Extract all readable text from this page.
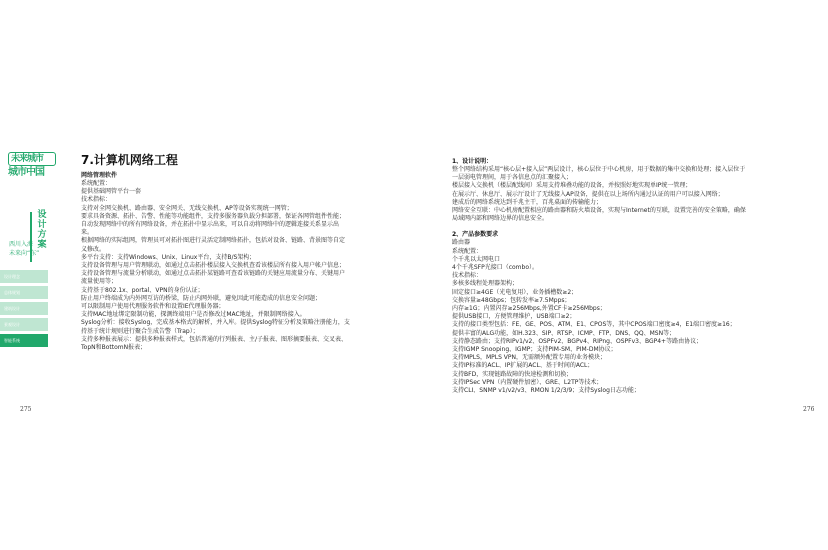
未来城市
城市中国
设计方案
西川入海
未来向“东”
设计理念
总体规划
建筑设计
景观设计
智能系统
7.计算机网络工程
网络管理软件
系统配置：
提供基础网管平台一套
技术指标：
支持对全网交换机、路由器、安全网关、无线交换机、AP等设备实现统一网管；
要求具备资源、拓扑、告警、性能等功能组件，支持多服务器负载分担部署，保证各网管组件性能；
自动发现网络中的所有网络设备，并在拓扑中显示出来，可以自动将网络中的逻辑连接关系显示出
来。
根据网络的实际组网，管理员可对拓扑图进行灵活定制网络拓扑，包括对设备、链路、背景图等自定
义修改。
多平台支持：支持Windows、Unix、Linux平台，支持B/S架构；
支持设备管理与用户管理联动，如通过点击拓扑楼层接入交换机查看该楼层所有接入用户帐户信息；
支持设备管理与流量分析联动，如通过点击拓扑某链路可查看该链路的关键应用流量分布、关键用户
流量使用等；
支持基于802.1x、portal、VPN的身份认证；
防止用户终端成为内外网互访的桥梁，防止内网外联，避免因此可能造成的信息安全问题；
可以限制用户使用代理服务软件和设置IE代理服务器；
支持MAC地址绑定限制功能，探测终端用户是否修改过MAC地址，并限制网络接入。
Syslog分析：接收Syslog，完成基本格式的解析，并入库。提供Syslog特征分析及策略注册能力，支
持基于统计规则进行聚合生成告警（Trap）；
支持多种报表展示：提供多种报表样式，包括普通的行列报表、主/子报表、图形摘要报表、交叉表、
TopN和BottomN报表；
275
1、设计说明：
整个网络结构采用“核心层+接入层”两层设计，核心层位于中心机房，用于数据的集中交换和处理；接入层位于
一层弱电管理间，用于各信息点的汇聚接入；
楼层接入交换机（楼层配线间）采用支持堆叠功能的设备，并按照好地实现单IP统一管理；
在展示厅、休息厅、展示厅设计了无线接入AP设备，提供在以上场所内通过认证的用户可以接入网络；
建成后的网络系统达到千兆主干，百兆桌面的传输能力；
网络安全互联：中心机房配置相应的路由器和防火墙设备，实现与Internet的互联，设置完善的安全策略，确保
局域网内部和网络边界的信息安全。
2、产品参数要求
路由器
系统配置：
个千兆以太网电口
4个千兆SFP光接口（combo）。
技术指标：
多核多线程处理器架构；
固定接口≥4GE（光电复用），业务插槽数≥2；
交换容量≥48Gbps；包转发率≥7.5Mpps；
内存≥1G；内置闪存≥256Mbps,外置CF卡≥256Mbps；
提供USB接口，方便管理维护，USB端口≥2；
支持的接口类型包括：FE、GE、POS、ATM、E1、CPOS等，其中CPOS端口密度≥4，E1端口密度≥16；
提供丰富的ALG功能，如H.323、SIP、RTSP、ICMP、FTP、DNS、QQ、MSN等；
支持静态路由；支持RIPv1/v2、OSPFv2、BGPv4、RIPng、OSPFv3、BGP4+等路由协议；
支持IGMP Snooping、IGMP；支持PIM-SM、PIM-DM协议；
支持MPLS，MPLS VPN，无需额外配置专用的业务模块；
支持IP标准的ACL、IP扩展的ACL、基于时间的ACL；
支持BFD，实现链路故障的快速检测和切换；
支持IPSec VPN（内置硬件加密）、GRE、L2TP等技术；
支持CLI、SNMP v1/v2/v3、RMON 1/2/3/9；支持Syslog日志功能；
276
